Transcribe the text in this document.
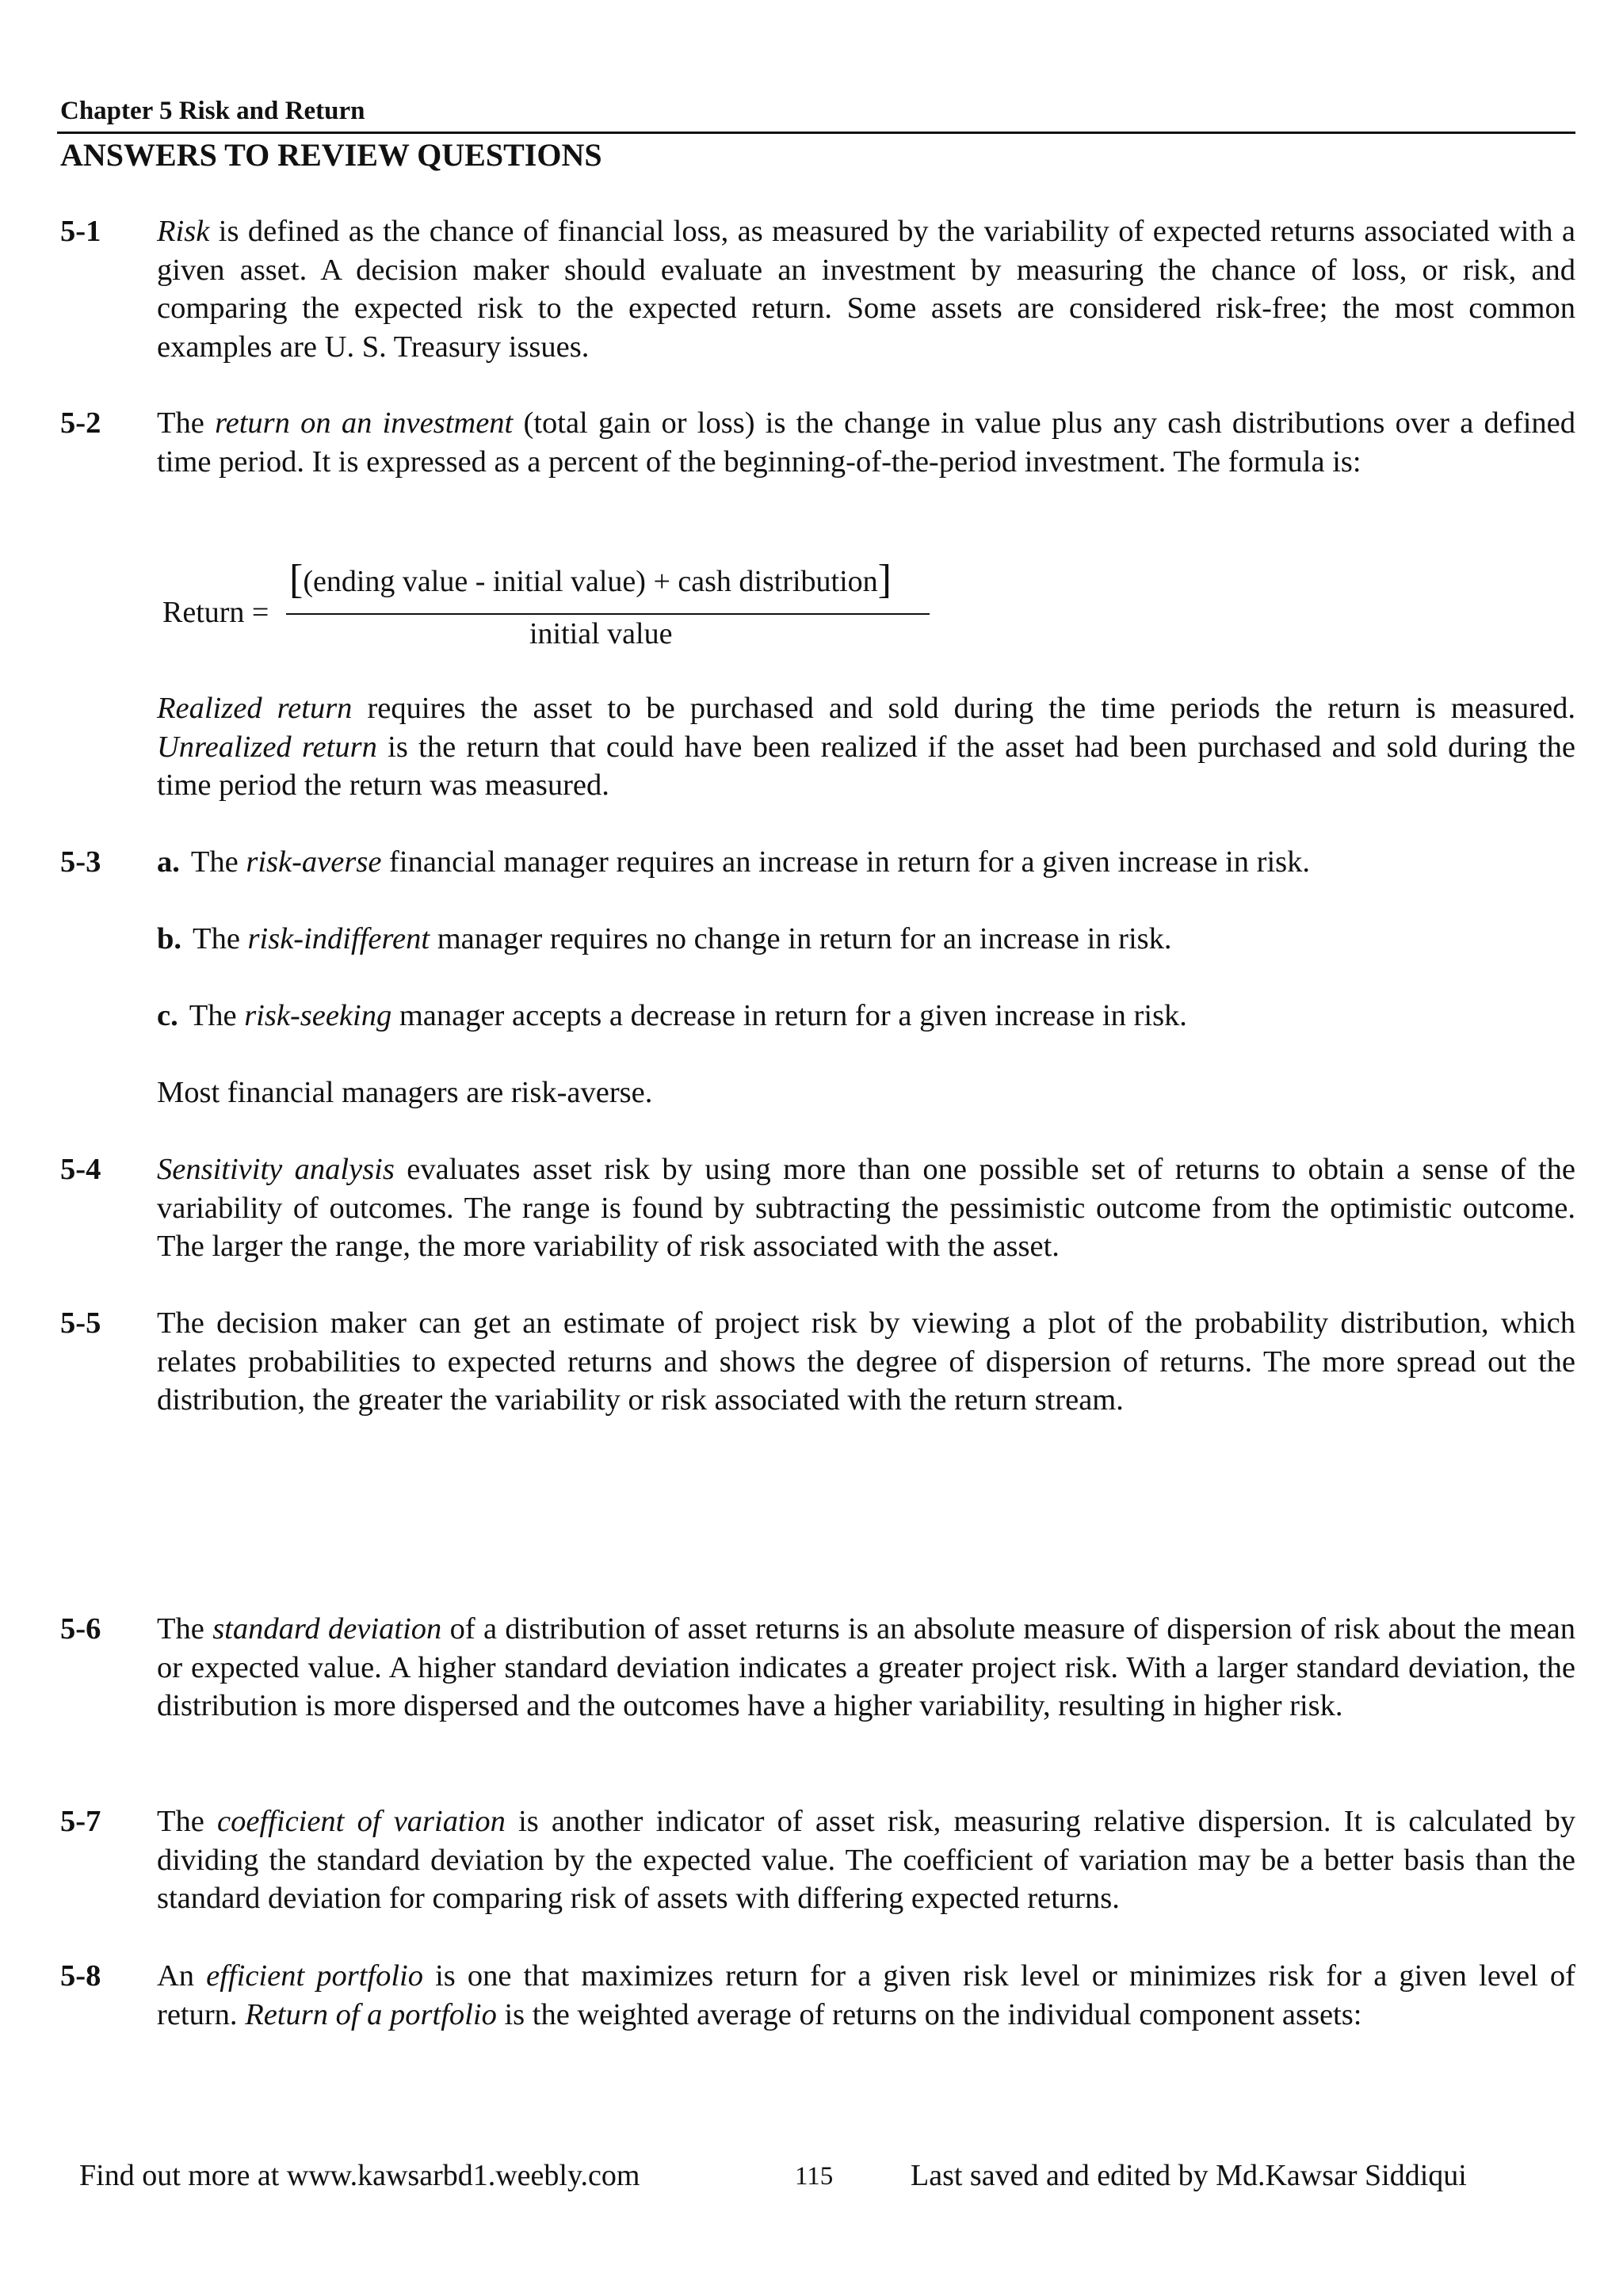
Chapter 5 Risk and Return
ANSWERS TO REVIEW QUESTIONS
5-1 Risk is defined as the chance of financial loss, as measured by the variability of expected returns associated with a given asset. A decision maker should evaluate an investment by measuring the chance of loss, or risk, and comparing the expected risk to the expected return. Some assets are considered risk-free; the most common examples are U. S. Treasury issues.
5-2 The return on an investment (total gain or loss) is the change in value plus any cash distributions over a defined time period. It is expressed as a percent of the beginning-of-the-period investment. The formula is:
Return =
[(ending value - initial value) + cash distribution]
initial value
Realized return requires the asset to be purchased and sold during the time periods the return is measured. Unrealized return is the return that could have been realized if the asset had been purchased and sold during the time period the return was measured.
5-3 a. The risk-averse financial manager requires an increase in return for a given increase in risk.
b. The risk-indifferent manager requires no change in return for an increase in risk.
c. The risk-seeking manager accepts a decrease in return for a given increase in risk.
Most financial managers are risk-averse.
5-4 Sensitivity analysis evaluates asset risk by using more than one possible set of returns to obtain a sense of the variability of outcomes. The range is found by subtracting the pessimistic outcome from the optimistic outcome. The larger the range, the more variability of risk associated with the asset.
5-5 The decision maker can get an estimate of project risk by viewing a plot of the probability distribution, which relates probabilities to expected returns and shows the degree of dispersion of returns. The more spread out the distribution, the greater the variability or risk associated with the return stream.
5-6 The standard deviation of a distribution of asset returns is an absolute measure of dispersion of risk about the mean or expected value. A higher standard deviation indicates a greater project risk. With a larger standard deviation, the distribution is more dispersed and the outcomes have a higher variability, resulting in higher risk.
5-7 The coefficient of variation is another indicator of asset risk, measuring relative dispersion. It is calculated by dividing the standard deviation by the expected value. The coefficient of variation may be a better basis than the standard deviation for comparing risk of assets with differing expected returns.
5-8 An efficient portfolio is one that maximizes return for a given risk level or minimizes risk for a given level of return. Return of a portfolio is the weighted average of returns on the individual component assets:
Find out more at www.kawsarbd1.weebly.com	115	Last saved and edited by Md.Kawsar Siddiqui
